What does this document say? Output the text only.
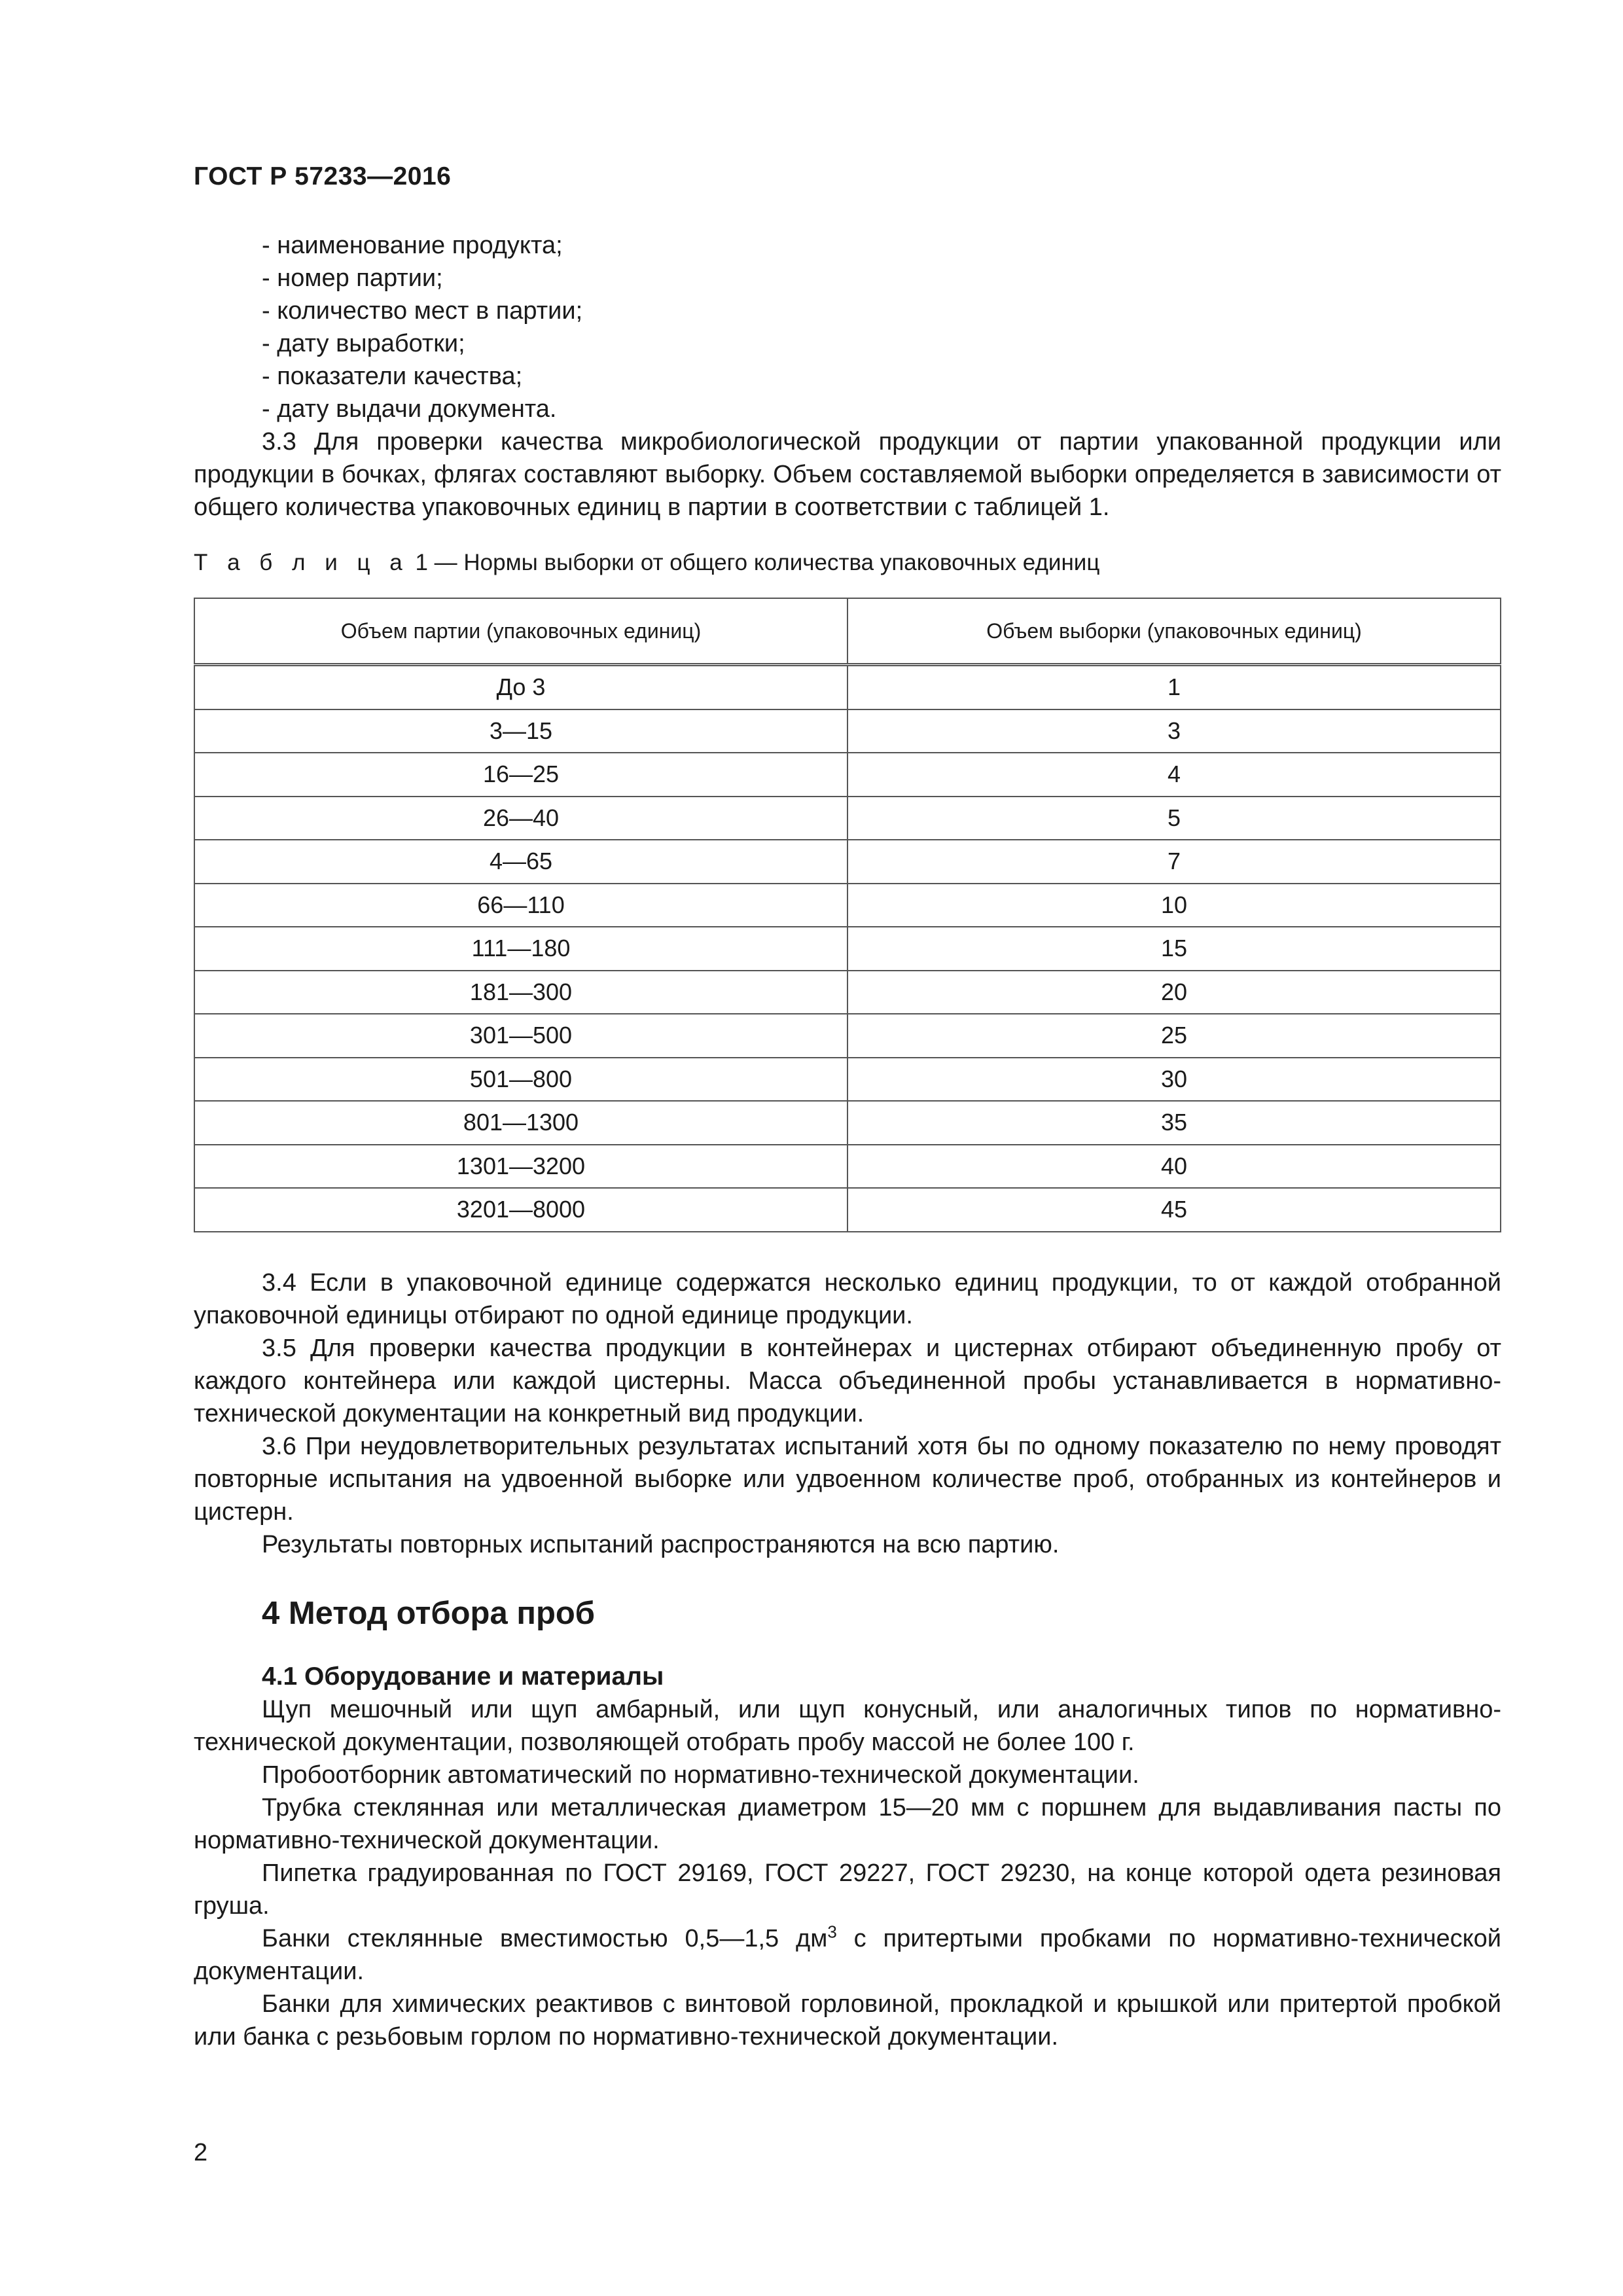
ГОСТ Р 57233—2016
- наименование продукта;
- номер партии;
- количество мест в партии;
- дату выработки;
- показатели качества;
- дату выдачи документа.

3.3 Для проверки качества микробиологической продукции от партии упакованной продукции или продукции в бочках, флягах составляют выборку. Объем составляемой выборки определяется в зависимости от общего количества упаковочных единиц в партии в соответствии с таблицей 1.

Т а б л и ц а 1 — Нормы выборки от общего количества упаковочных единиц
Объем партии (упаковочных единиц)	Объем выборки (упаковочных единиц)
До 3	1
3—15	3
16—25	4
26—40	5
4—65	7
66—110	10
111—180	15
181—300	20
301—500	25
501—800	30
801—1300	35
1301—3200	40
3201—8000	45

3.4 Если в упаковочной единице содержатся несколько единиц продукции, то от каждой отобранной упаковочной единицы отбирают по одной единице продукции.

3.5 Для проверки качества продукции в контейнерах и цистернах отбирают объединенную пробу от каждого контейнера или каждой цистерны. Масса объединенной пробы устанавливается в нормативно-технической документации на конкретный вид продукции.

3.6 При неудовлетворительных результатах испытаний хотя бы по одному показателю по нему проводят повторные испытания на удвоенной выборке или удвоенном количестве проб, отобранных из контейнеров и цистерн.

Результаты повторных испытаний распространяются на всю партию.

4 Метод отбора проб
4.1 Оборудование и материалы

Щуп мешочный или щуп амбарный, или щуп конусный, или аналогичных типов по нормативно-технической документации, позволяющей отобрать пробу массой не более 100 г.

Пробоотборник автоматический по нормативно-технической документации.

Трубка стеклянная или металлическая диаметром 15—20 мм с поршнем для выдавливания пасты по нормативно-технической документации.

Пипетка градуированная по ГОСТ 29169, ГОСТ 29227, ГОСТ 29230, на конце которой одета резиновая груша.

Банки стеклянные вместимостью 0,5—1,5 $дм^3$ с притертыми пробками по нормативно-технической документации.

Банки для химических реактивов с винтовой горловиной, прокладкой и крышкой или притертой пробкой или банка с резьбовым горлом по нормативно-технической документации.

2
